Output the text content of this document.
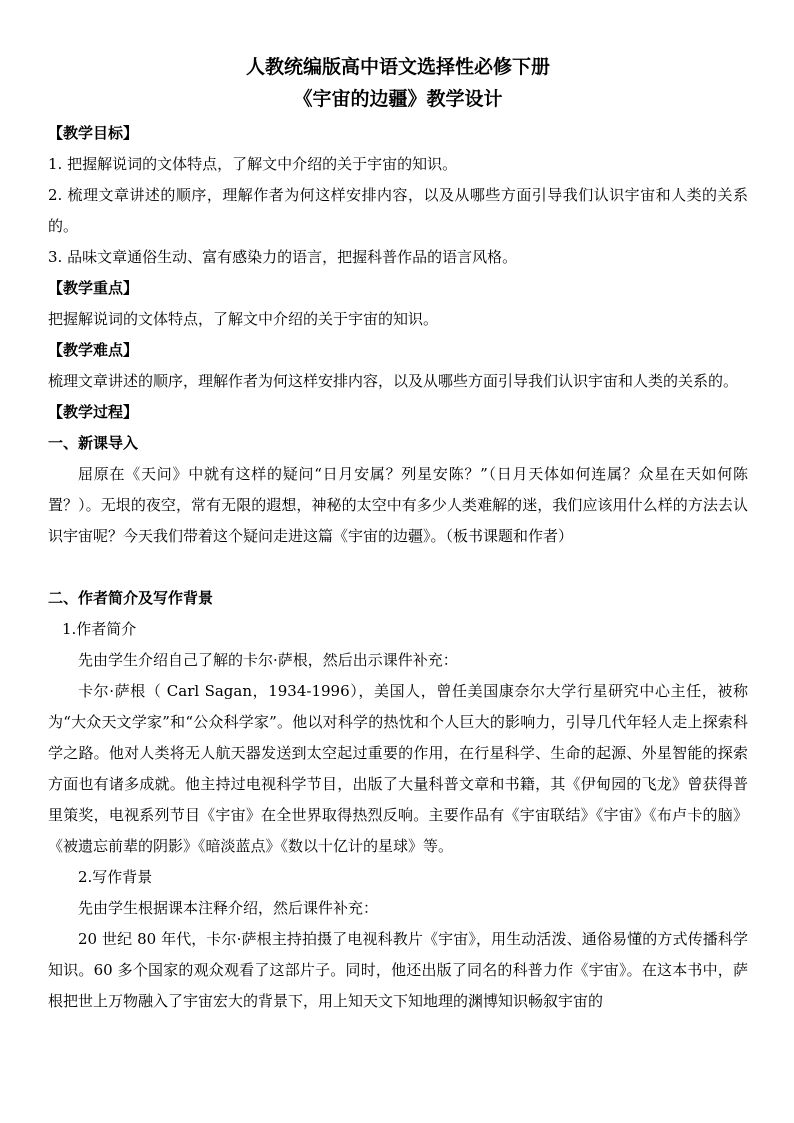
人教统编版高中语文选择性必修下册

《宇宙的边疆》教学设计

【教学目标】

1. 把握解说词的文体特点，了解文中介绍的关于宇宙的知识。

2. 梳理文章讲述的顺序，理解作者为何这样安排内容，以及从哪些方面引导我们认识宇宙和人类的关系的。

3. 品味文章通俗生动、富有感染力的语言，把握科普作品的语言风格。

【教学重点】

把握解说词的文体特点，了解文中介绍的关于宇宙的知识。

【教学难点】

梳理文章讲述的顺序，理解作者为何这样安排内容，以及从哪些方面引导我们认识宇宙和人类的关系的。

【教学过程】

一、新课导入

屈原在《天问》中就有这样的疑问“日月安属？列星安陈？”（日月天体如何连属？众星在天如何陈置？）。无垠的夜空，常有无限的遐想，神秘的太空中有多少人类难解的迷，我们应该用什么样的方法去认识宇宙呢？今天我们带着这个疑问走进这篇《宇宙的边疆》。（板书课题和作者）

二、作者简介及写作背景

1.作者简介

先由学生介绍自己了解的卡尔·萨根，然后出示课件补充：

卡尔·萨根（ Carl Sagan，1934-1996），美国人，曾任美国康奈尔大学行星研究中心主任，被称为“大众天文学家”和“公众科学家”。他以对科学的热忱和个人巨大的影响力，引导几代年轻人走上探索科学之路。他对人类将无人航天器发送到太空起过重要的作用，在行星科学、生命的起源、外星智能的探索方面也有诸多成就。他主持过电视科学节目，出版了大量科普文章和书籍，其《伊甸园的飞龙》曾获得普里策奖，电视系列节目《宇宙》在全世界取得热烈反响。主要作品有《宇宙联结》《宇宙》《布卢卡的脑》《被遗忘前辈的阴影》《暗淡蓝点》《数以十亿计的星球》等。

2.写作背景

先由学生根据课本注释介绍，然后课件补充：

20 世纪 80 年代，卡尔·萨根主持拍摄了电视科教片《宇宙》，用生动活泼、通俗易懂的方式传播科学知识。60 多个国家的观众观看了这部片子。同时，他还出版了同名的科普力作《宇宙》。在这本书中，萨根把世上万物融入了宇宙宏大的背景下，用上知天文下知地理的渊博知识畅叙宇宙的
